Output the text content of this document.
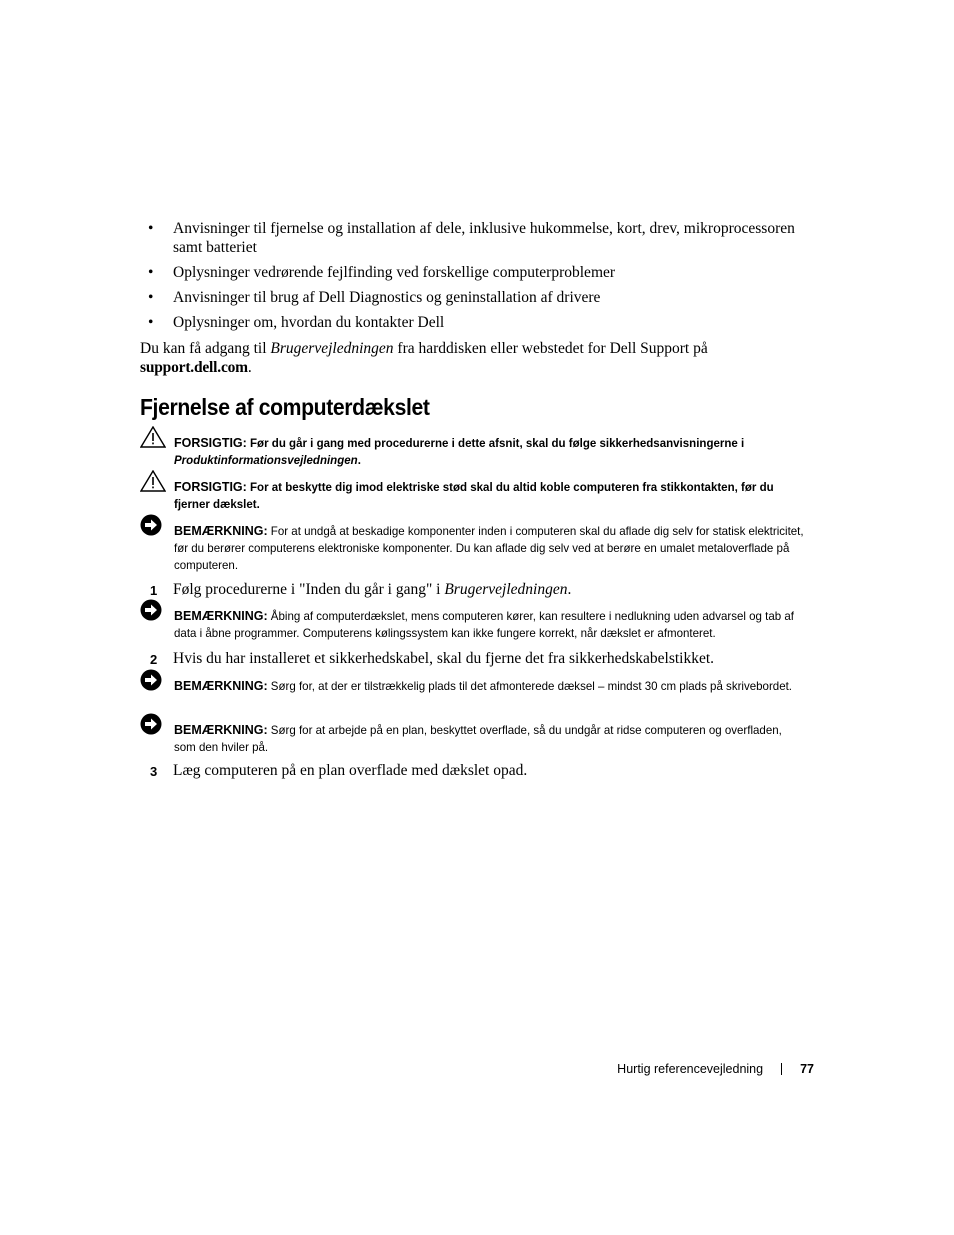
• Anvisninger til fjernelse og installation af dele, inklusive hukommelse, kort, drev, mikroprocessoren samt batteriet
• Oplysninger vedrørende fejlfinding ved forskellige computerproblemer
• Anvisninger til brug af Dell Diagnostics og geninstallation af drivere
• Oplysninger om, hvordan du kontakter Dell
Du kan få adgang til Brugervejledningen fra harddisken eller webstedet for Dell Support på
support.dell.com.
Fjernelse af computerdækslet
FORSIGTIG: Før du går i gang med procedurerne i dette afsnit, skal du følge sikkerhedsanvisningerne i Produktinformationsvejledningen.
FORSIGTIG: For at beskytte dig imod elektriske stød skal du altid koble computeren fra stikkontakten, før du fjerner dækslet.
BEMÆRKNING: For at undgå at beskadige komponenter inden i computeren skal du aflade dig selv for statisk elektricitet, før du berører computerens elektroniske komponenter. Du kan aflade dig selv ved at berøre en umalet metaloverflade på computeren.
1 Følg procedurerne i "Inden du går i gang" i Brugervejledningen.
BEMÆRKNING: Åbing af computerdækslet, mens computeren kører, kan resultere i nedlukning uden advarsel og tab af data i åbne programmer. Computerens kølingssystem kan ikke fungere korrekt, når dækslet er afmonteret.
2 Hvis du har installeret et sikkerhedskabel, skal du fjerne det fra sikkerhedskabelstikket.
BEMÆRKNING: Sørg for, at der er tilstrækkelig plads til det afmonterede dæksel – mindst 30 cm plads på skrivebordet.
BEMÆRKNING: Sørg for at arbejde på en plan, beskyttet overflade, så du undgår at ridse computeren og overfladen, som den hviler på.
3 Læg computeren på en plan overflade med dækslet opad.
Hurtig referencevejledning	77
